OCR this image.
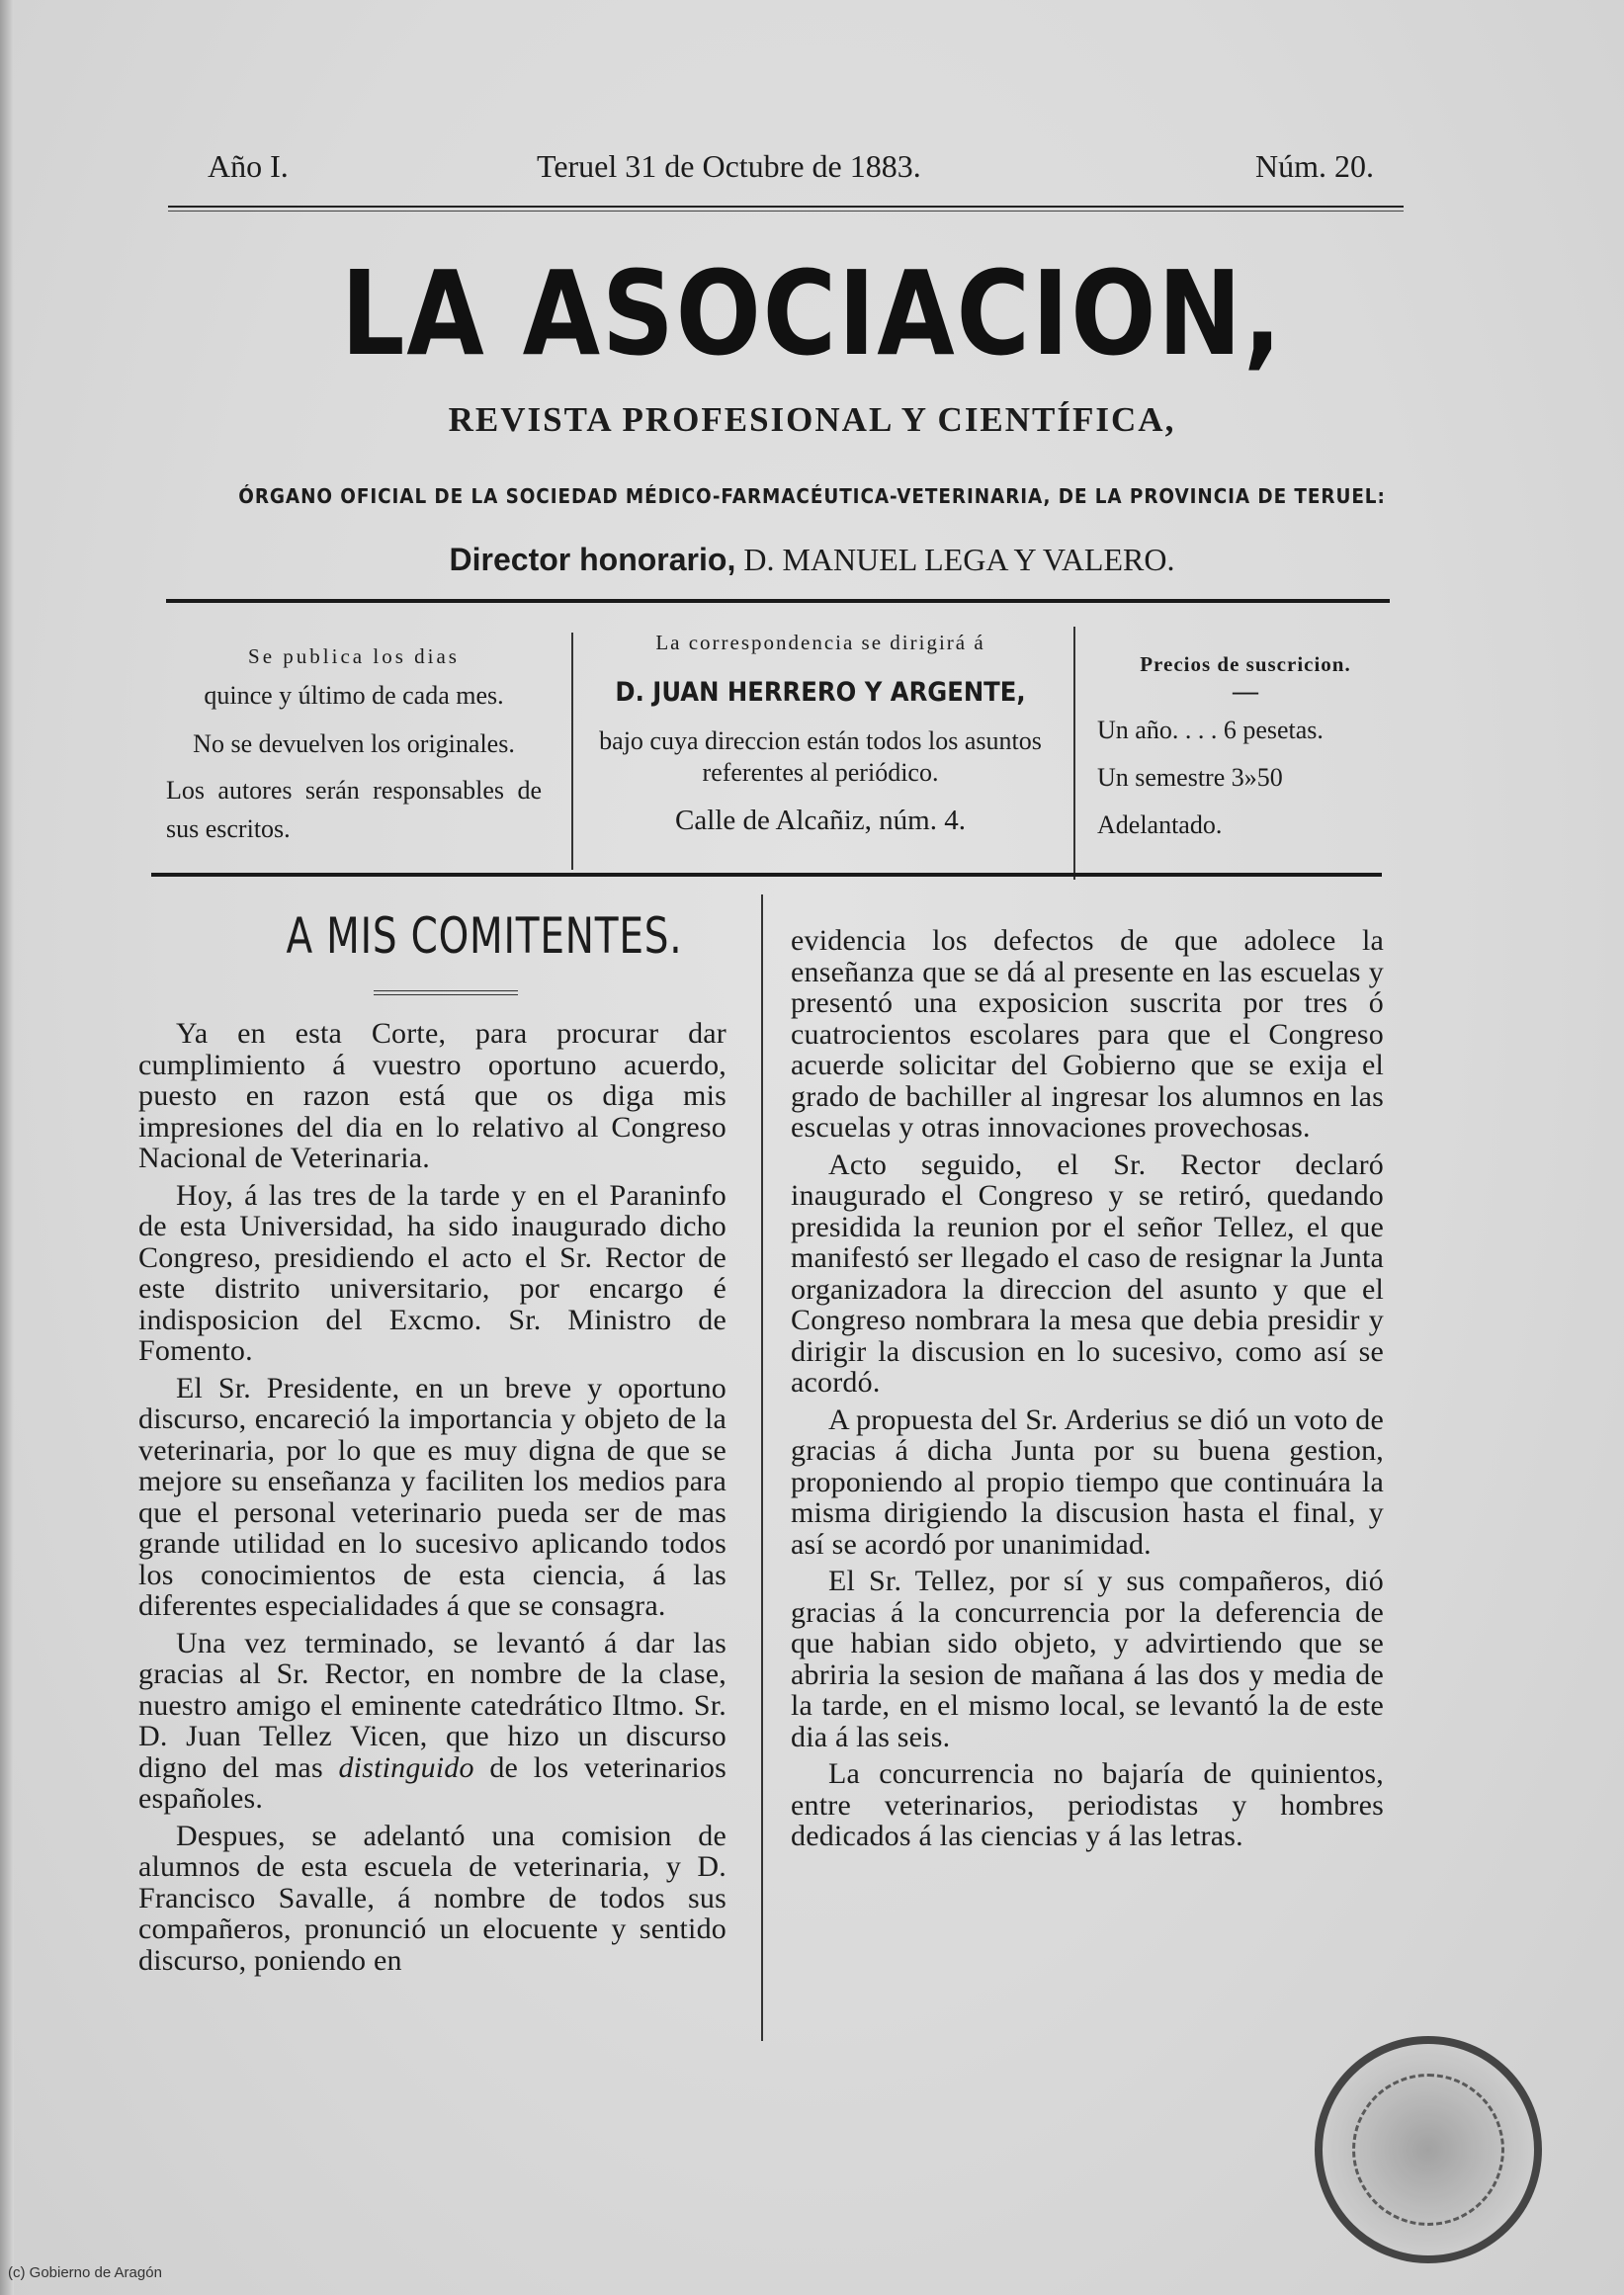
Año I.	Teruel 31 de Octubre de 1883.	Núm. 20.
LA ASOCIACION,
REVISTA PROFESIONAL Y CIENTÍFICA,
ÓRGANO OFICIAL DE LA SOCIEDAD MÉDICO-FARMACÉUTICA-VETERINARIA, DE LA PROVINCIA DE TERUEL:
Director honorario, D. MANUEL LEGA Y VALERO.
Se publica los dias
quince y último de cada mes.
No se devuelven los originales.
Los autores serán responsables de sus escritos.
La correspondencia se dirigirá á
D. JUAN HERRERO Y ARGENTE,
bajo cuya direccion están todos los asuntos referentes al periódico.
Calle de Alcañiz, núm. 4.
Precios de suscricion.
—
Un año. . . . 6 pesetas.
Un semestre 3»50
Adelantado.
A MIS COMITENTES.

Ya en esta Corte, para procurar dar cumplimiento á vuestro oportuno acuerdo, puesto en razon está que os diga mis impresiones del dia en lo relativo al Congreso Nacional de Veterinaria.

Hoy, á las tres de la tarde y en el Paraninfo de esta Universidad, ha sido inaugurado dicho Congreso, presidiendo el acto el Sr. Rector de este distrito universitario, por encargo é indisposicion del Excmo. Sr. Ministro de Fomento.

El Sr. Presidente, en un breve y oportuno discurso, encareció la importancia y objeto de la veterinaria, por lo que es muy digna de que se mejore su enseñanza y faciliten los medios para que el personal veterinario pueda ser de mas grande utilidad en lo sucesivo aplicando todos los conocimientos de esta ciencia, á las diferentes especialidades á que se consagra.

Una vez terminado, se levantó á dar las gracias al Sr. Rector, en nombre de la clase, nuestro amigo el eminente catedrático Iltmo. Sr. D. Juan Tellez Vicen, que hizo un discurso digno del mas distinguido de los veterinarios españoles.

Despues, se adelantó una comision de alumnos de esta escuela de veterinaria, y D. Francisco Savalle, á nombre de todos sus compañeros, pronunció un elocuente y sentido discurso, poniendo en

evidencia los defectos de que adolece la enseñanza que se dá al presente en las escuelas y presentó una exposicion suscrita por tres ó cuatrocientos escolares para que el Congreso acuerde solicitar del Gobierno que se exija el grado de bachiller al ingresar los alumnos en las escuelas y otras innovaciones provechosas.

Acto seguido, el Sr. Rector declaró inaugurado el Congreso y se retiró, quedando presidida la reunion por el señor Tellez, el que manifestó ser llegado el caso de resignar la Junta organizadora la direccion del asunto y que el Congreso nombrara la mesa que debia presidir y dirigir la discusion en lo sucesivo, como así se acordó.

A propuesta del Sr. Arderius se dió un voto de gracias á dicha Junta por su buena gestion, proponiendo al propio tiempo que continuára la misma dirigiendo la discusion hasta el final, y así se acordó por unanimidad.

El Sr. Tellez, por sí y sus compañeros, dió gracias á la concurrencia por la deferencia de que habian sido objeto, y advirtiendo que se abriria la sesion de mañana á las dos y media de la tarde, en el mismo local, se levantó la de este dia á las seis.

La concurrencia no bajaría de quinientos, entre veterinarios, periodistas y hombres dedicados á las ciencias y á las letras.

(c) Gobierno de Aragón
